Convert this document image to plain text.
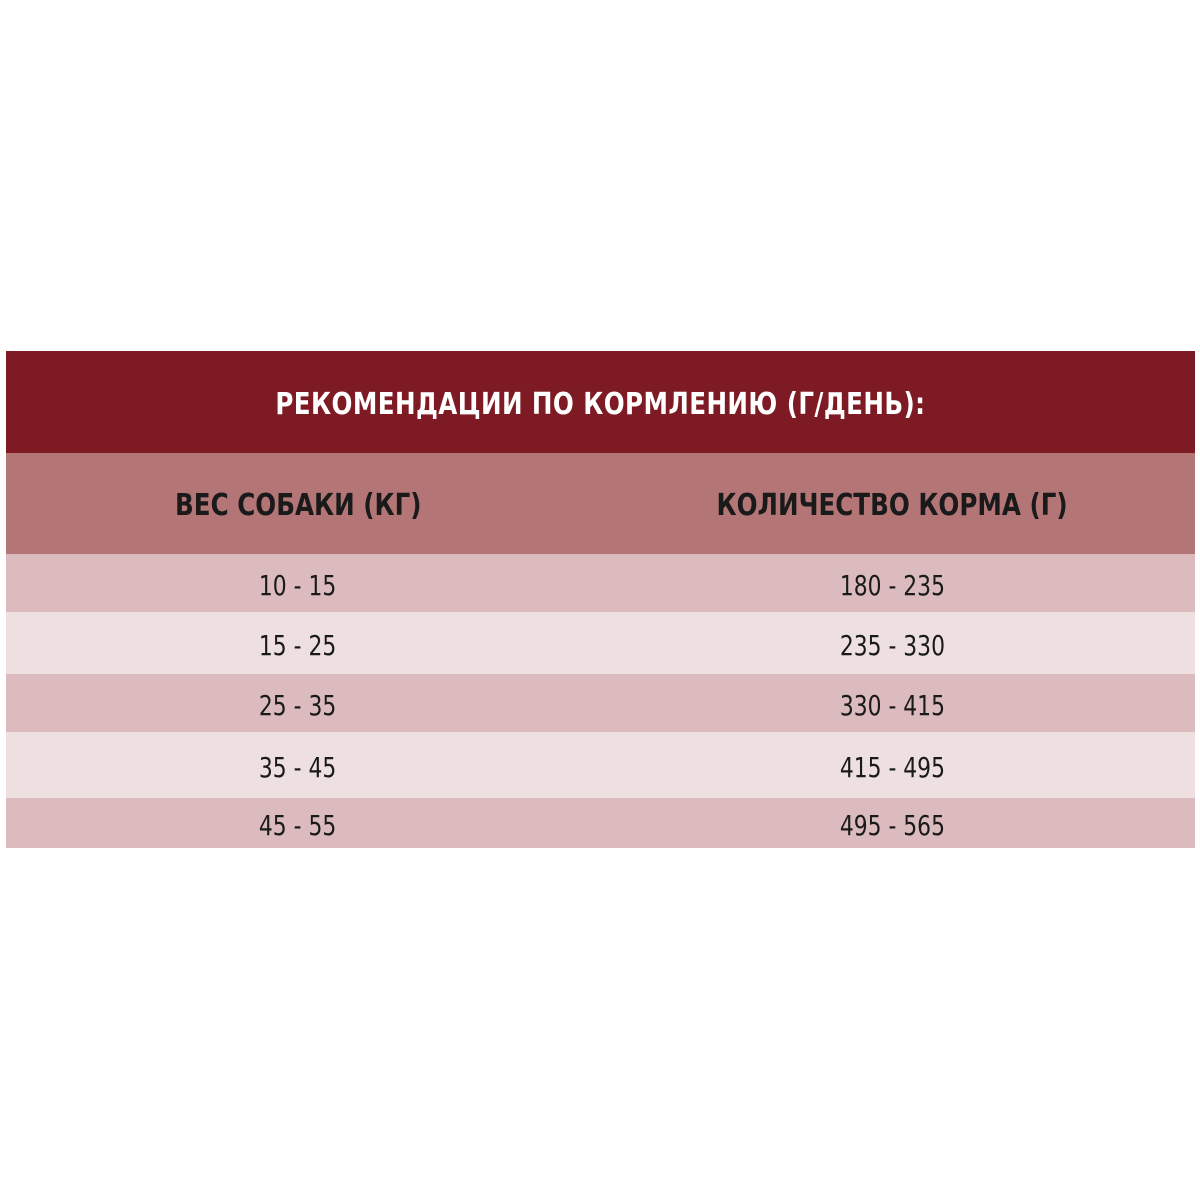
РЕКОМЕНДАЦИИ ПО КОРМЛЕНИЮ (Г/ДЕНЬ):
ВЕС СОБАКИ (КГ)	КОЛИЧЕСТВО КОРМА (Г)
10 - 15	180 - 235
15 - 25	235 - 330
25 - 35	330 - 415
35 - 45	415 - 495
45 - 55	495 - 565
